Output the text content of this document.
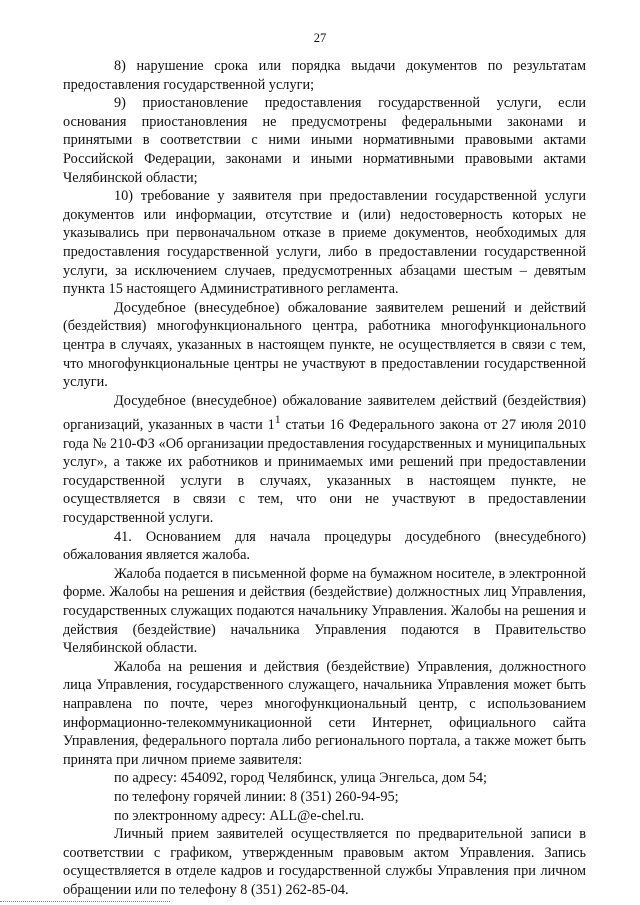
27

8) нарушение срока или порядка выдачи документов по результатам предоставления государственной услуги;

9) приостановление предоставления государственной услуги, если основания приостановления не предусмотрены федеральными законами и принятыми в соответствии с ними иными нормативными правовыми актами Российской Федерации, законами и иными нормативными правовыми актами Челябинской области;

10) требование у заявителя при предоставлении государственной услуги документов или информации, отсутствие и (или) недостоверность которых не указывались при первоначальном отказе в приеме документов, необходимых для предоставления государственной услуги, либо в предоставлении государственной услуги, за исключением случаев, предусмотренных абзацами шестым – девятым пункта 15 настоящего Административного регламента.

Досудебное (внесудебное) обжалование заявителем решений и действий (бездействия) многофункционального центра, работника многофункционального центра в случаях, указанных в настоящем пункте, не осуществляется в связи с тем, что многофункциональные центры не участвуют в предоставлении государственной услуги.

Досудебное (внесудебное) обжалование заявителем действий (бездействия) организаций, указанных в части $1^1$ статьи 16 Федерального закона от 27 июля 2010 года № 210-ФЗ «Об организации предоставления государственных и муниципальных услуг», а также их работников и принимаемых ими решений при предоставлении государственной услуги в случаях, указанных в настоящем пункте, не осуществляется в связи с тем, что они не участвуют в предоставлении государственной услуги.

41. Основанием для начала процедуры досудебного (внесудебного) обжалования является жалоба.

Жалоба подается в письменной форме на бумажном носителе, в электронной форме. Жалобы на решения и действия (бездействие) должностных лиц Управления, государственных служащих подаются начальнику Управления. Жалобы на решения и действия (бездействие) начальника Управления подаются в Правительство Челябинской области.

Жалоба на решения и действия (бездействие) Управления, должностного лица Управления, государственного служащего, начальника Управления может быть направлена по почте, через многофункциональный центр, с использованием информационно-телекоммуникационной сети Интернет, официального сайта Управления, федерального портала либо регионального портала, а также может быть принята при личном приеме заявителя:

по адресу: 454092, город Челябинск, улица Энгельса, дом 54;

по телефону горячей линии: 8 (351) 260-94-95;

по электронному адресу: ALL@e-chel.ru.

Личный прием заявителей осуществляется по предварительной записи в соответствии с графиком, утвержденным правовым актом Управления. Запись осуществляется в отделе кадров и государственной службы Управления при личном обращении или по телефону 8 (351) 262-85-04.
